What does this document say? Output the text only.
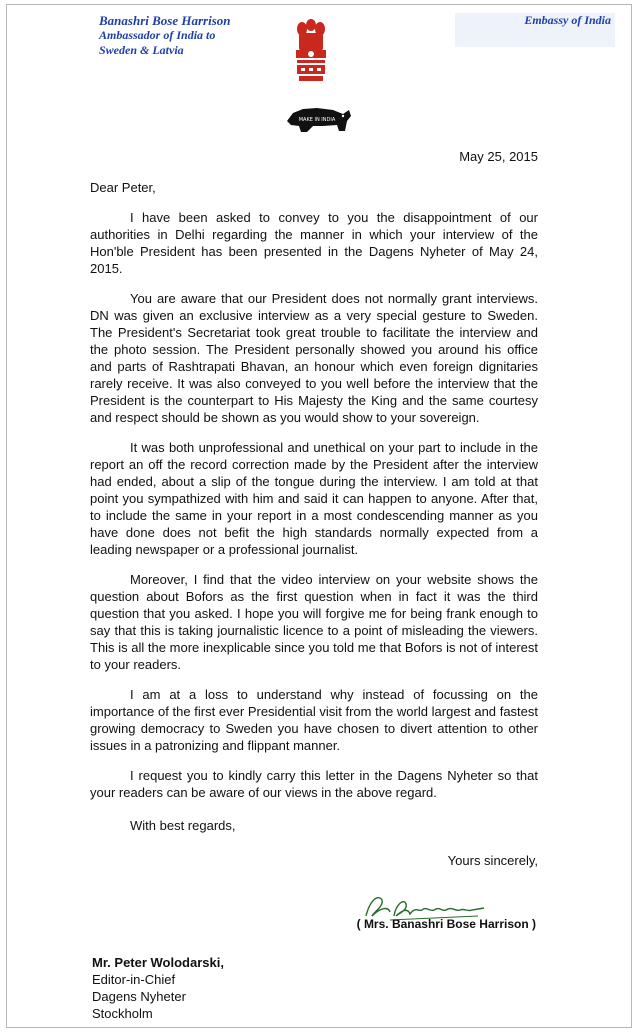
Banashri Bose Harrison
Ambassador of India to
Sweden & Latvia
MAKE IN INDIA
Embassy of India
May 25, 2015
Dear Peter,

I have been asked to convey to you the disappointment of our authorities in Delhi regarding the manner in which your interview of the Hon'ble President has been presented in the Dagens Nyheter of May 24, 2015.

You are aware that our President does not normally grant interviews. DN was given an exclusive interview as a very special gesture to Sweden. The President's Secretariat took great trouble to facilitate the interview and the photo session. The President personally showed you around his office and parts of Rashtrapati Bhavan, an honour which even foreign dignitaries rarely receive. It was also conveyed to you well before the interview that the President is the counterpart to His Majesty the King and the same courtesy and respect should be shown as you would show to your sovereign.

It was both unprofessional and unethical on your part to include in the report an off the record correction made by the President after the interview had ended, about a slip of the tongue during the interview. I am told at that point you sympathized with him and said it can happen to anyone. After that, to include the same in your report in a most condescending manner as you have done does not befit the high standards normally expected from a leading newspaper or a professional journalist.

Moreover, I find that the video interview on your website shows the question about Bofors as the first question when in fact it was the third question that you asked. I hope you will forgive me for being frank enough to say that this is taking journalistic licence to a point of misleading the viewers. This is all the more inexplicable since you told me that Bofors is not of interest to your readers.

I am at a loss to understand why instead of focussing on the importance of the first ever Presidential visit from the world largest and fastest growing democracy to Sweden you have chosen to divert attention to other issues in a patronizing and flippant manner.

I request you to kindly carry this letter in the Dagens Nyheter so that your readers can be aware of our views in the above regard.

With best regards,
Yours sincerely,
( Mrs. Banashri Bose Harrison )
Mr. Peter Wolodarski,
Editor-in-Chief
Dagens Nyheter
Stockholm
